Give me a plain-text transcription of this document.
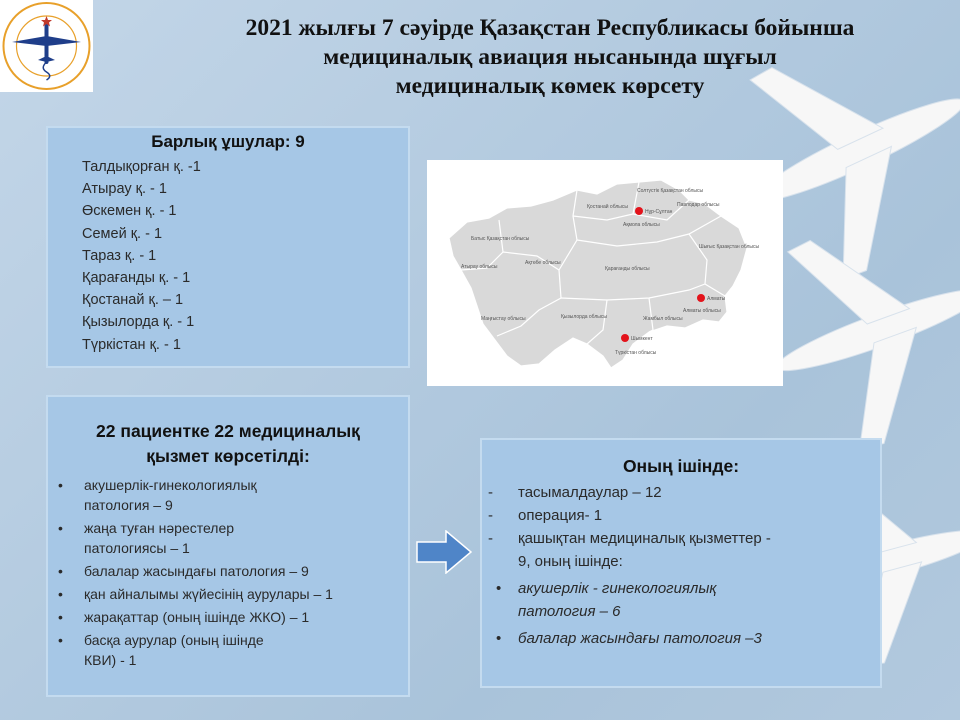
2021 жылғы 7 сәуірде Қазақстан Республикасы бойынша
медициналық авиация нысанында шұғыл
медициналық көмек көрсету
Барлық ұшулар: 9
Талдықорған қ. -1
Атырау қ. - 1
Өскемен қ. - 1
Семей қ. - 1
Тараз қ. - 1
Қарағанды қ. - 1
Қостанай қ. – 1
Қызылорда қ. - 1
Түркістан қ. - 1
Солтүстік Қазақстан облысы
Қостанай облысы	Павлодар облысы
Ақмола облысы
Батыс Қазақстан облысы
Атырау облысы
Ақтөбе облысы
Қарағанды облысы
Шығыс Қазақстан облысы
Маңғыстау облысы	Қызылорда облысы	Жамбыл облысы
Алматы облысы
Түркістан облысы
Нұр-Сұлтан
Алматы
Шымкент
22 пациентке 22 медициналық
қызмет көрсетілді:
• акушерлік-гинекологиялық
патология – 9
• жаңа туған нәрестелер
патологиясы – 1
• балалар жасындағы патология – 9
• қан айналымы жүйесінің аурулары – 1
• жарақаттар (оның ішінде ЖКО) – 1
• басқа аурулар (оның ішінде
КВИ) - 1
Оның ішінде:
- тасымалдаулар – 12
- операция- 1
- қашықтан медициналық қызметтер -
9, оның ішінде:
• акушерлік - гинекологиялық
патология – 6
• балалар жасындағы патология –3
